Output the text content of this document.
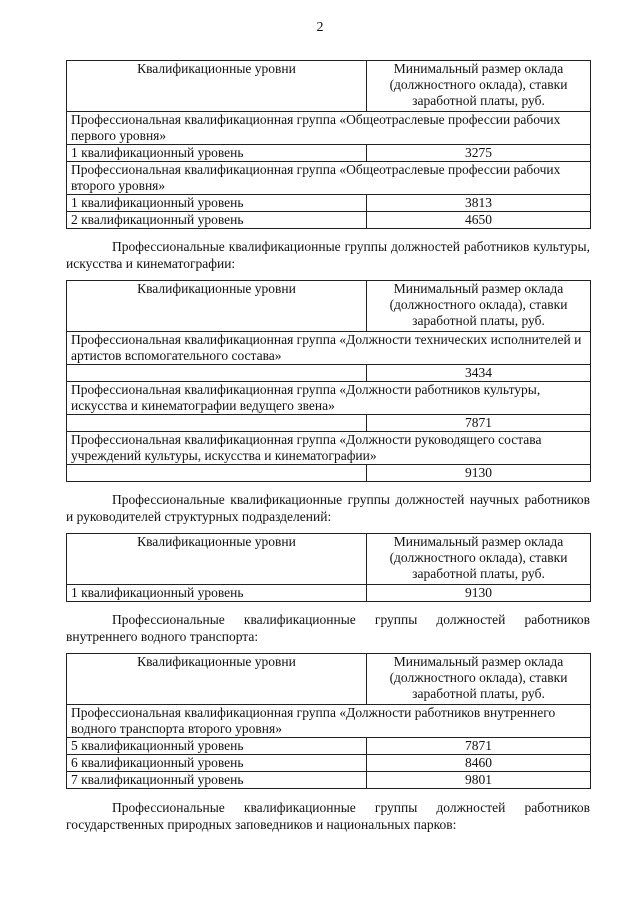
2
Квалификационные уровни	Минимальный размер оклада (должностного оклада), ставки заработной платы, руб.
Профессиональная квалификационная группа «Общеотраслевые профессии рабочих первого уровня»	
1 квалификационный уровень	3275
Профессиональная квалификационная группа «Общеотраслевые профессии рабочих второго уровня»	
1 квалификационный уровень	3813
2 квалификационный уровень	4650

Профессиональные квалификационные группы должностей работников культуры, искусства и кинематографии:

Квалификационные уровни	Минимальный размер оклада (должностного оклада), ставки заработной платы, руб.
Профессиональная квалификационная группа «Должности технических исполнителей и артистов вспомогательного состава»	
	3434
Профессиональная квалификационная группа «Должности работников культуры, искусства и кинематографии ведущего звена»	
	7871
Профессиональная квалификационная группа «Должности руководящего состава учреждений культуры, искусства и кинематографии»	
	9130

Профессиональные квалификационные группы должностей научных работников и руководителей структурных подразделений:

Квалификационные уровни	Минимальный размер оклада (должностного оклада), ставки заработной платы, руб.
1 квалификационный уровень	9130

Профессиональные квалификационные группы должностей работников внутреннего водного транспорта:

Квалификационные уровни	Минимальный размер оклада (должностного оклада), ставки заработной платы, руб.
Профессиональная квалификационная группа «Должности работников внутреннего водного транспорта второго уровня»	
5 квалификационный уровень	7871
6 квалификационный уровень	8460
7 квалификационный уровень	9801

Профессиональные квалификационные группы должностей работников государственных природных заповедников и национальных парков:
